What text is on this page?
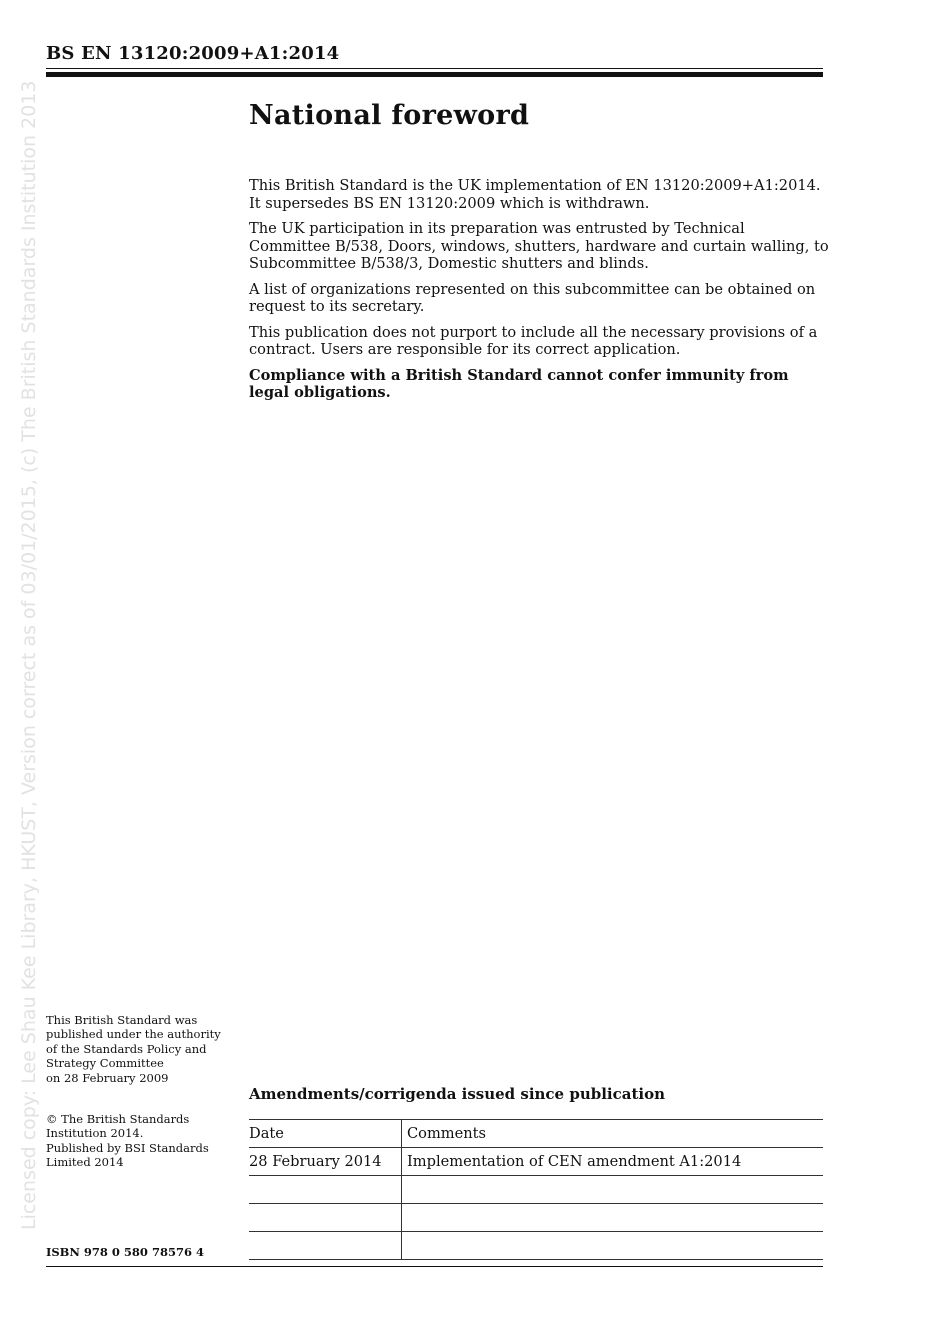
BS EN 13120:2009+A1:2014
Licensed copy: Lee Shau Kee Library, HKUST, Version correct as of 03/01/2015, (c) The British Standards Institution 2013	National foreword

This British Standard is the UK implementation of EN 13120:2009+A1:2014. It supersedes BS EN 13120:2009 which is withdrawn.

The UK participation in its preparation was entrusted by Technical Committee B/538, Doors, windows, shutters, hardware and curtain walling, to Subcommittee B/538/3, Domestic shutters and blinds.

A list of organizations represented on this subcommittee can be obtained on request to its secretary.

This publication does not purport to include all the necessary provisions of a contract. Users are responsible for its correct application.

Compliance with a British Standard cannot confer immunity from legal obligations.

This British Standard was

published under the authority

of the Standards Policy and

Strategy Committee

on 28 February 2009

© The British Standards

Institution 2014.

Published by BSI Standards

Limited 2014

ISBN 978 0 580 78576 4
Amendments/corrigenda issued since publication
Date	Comments
28 February 2014	Implementation of CEN amendment A1:2014
